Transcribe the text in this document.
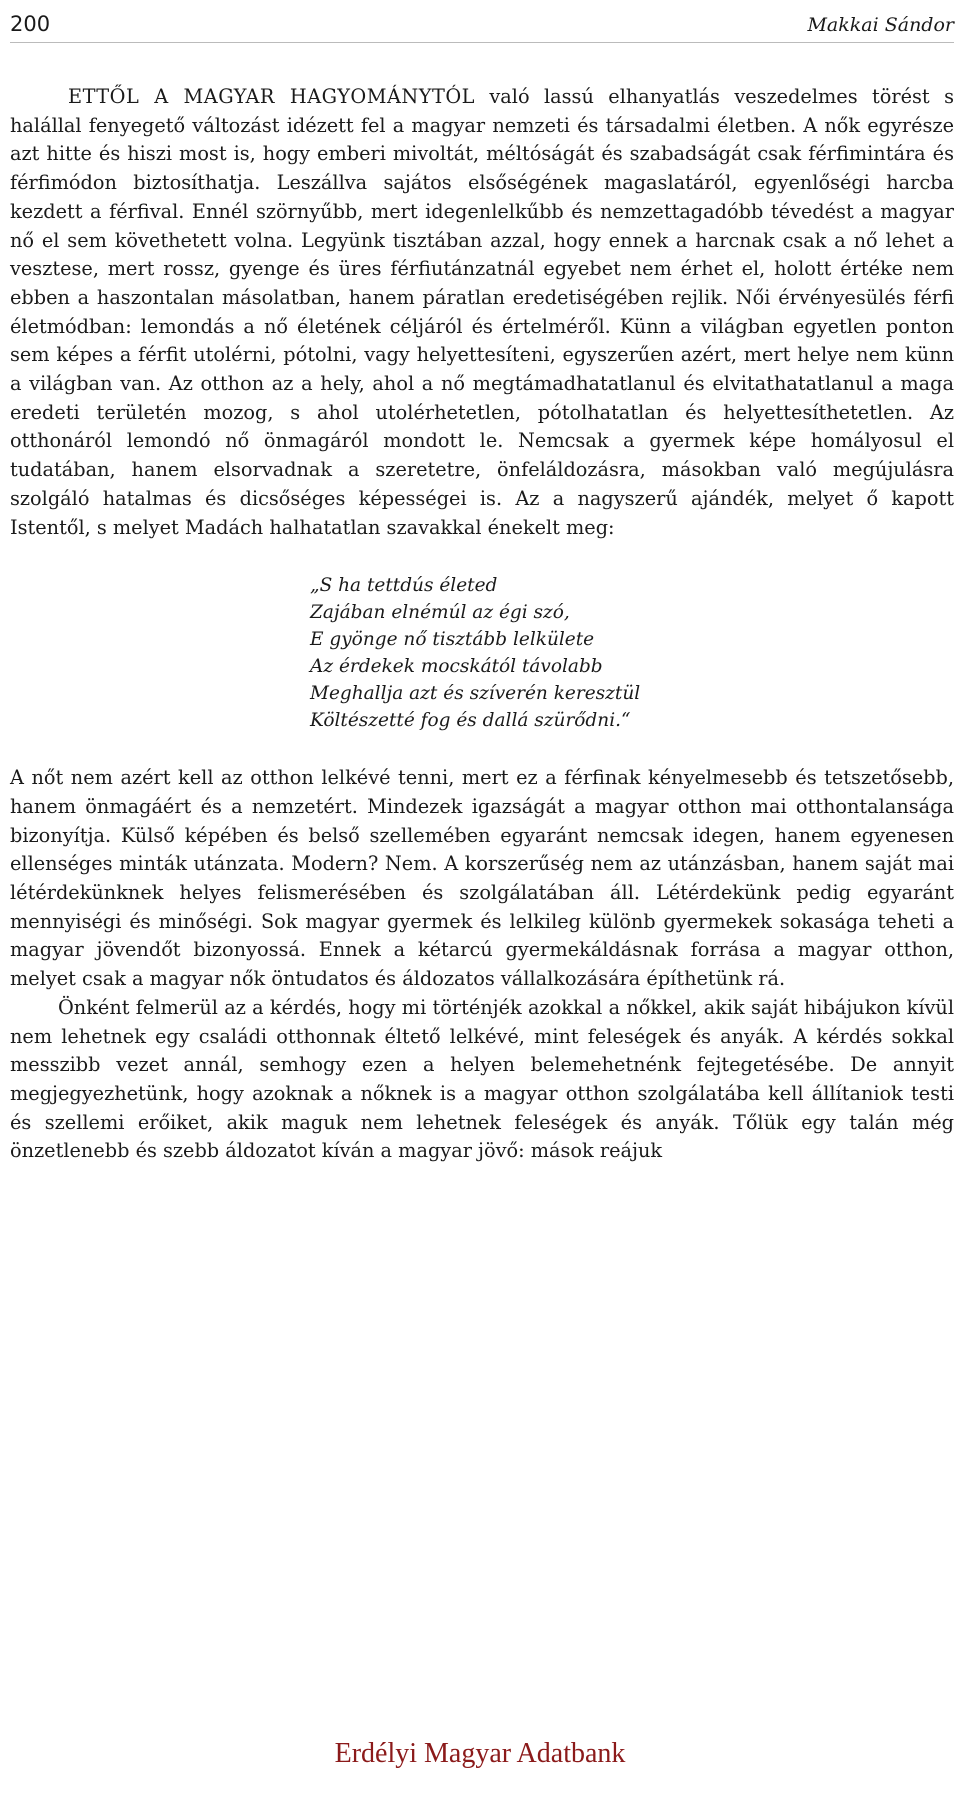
200	Makkai Sándor

ETTŐL A MAGYAR HAGYOMÁNYTÓL való lassú elhanyatlás veszedelmes törést s halállal fenyegető változást idézett fel a magyar nemzeti és társadalmi életben. A nők egyrésze azt hitte és hiszi most is, hogy emberi mivoltát, méltóságát és szabadságát csak férfimintára és férfimódon biztosíthatja. Leszállva sajátos elsőségének magaslatáról, egyenlőségi harcba kezdett a férfival. Ennél szörnyűbb, mert idegenlelkűbb és nemzettagadóbb tévedést a magyar nő el sem követhetett volna. Legyünk tisztában azzal, hogy ennek a harcnak csak a nő lehet a vesztese, mert rossz, gyenge és üres férfiutánzatnál egyebet nem érhet el, holott értéke nem ebben a haszontalan másolatban, hanem páratlan eredetiségében rejlik. Női érvényesülés férfi életmódban: lemondás a nő életének céljáról és értelméről. Künn a világban egyetlen ponton sem képes a férfit utolérni, pótolni, vagy helyettesíteni, egyszerűen azért, mert helye nem künn a világban van. Az otthon az a hely, ahol a nő megtámadhatatlanul és elvitathatatlanul a maga eredeti területén mozog, s ahol utolérhetetlen, pótolhatatlan és helyettesíthetetlen. Az otthonáról lemondó nő önmagáról mondott le. Nemcsak a gyermek képe homályosul el tudatában, hanem elsorvadnak a szeretetre, önfeláldozásra, másokban való megújulásra szolgáló hatalmas és dicsőséges képességei is. Az a nagyszerű ajándék, melyet ő kapott Istentől, s melyet Madách halhatatlan szavakkal énekelt meg:

„S ha tettdús életed
Zajában elnémúl az égi szó,
E gyönge nő tisztább lelkülete
Az érdekek mocskától távolabb
Meghallja azt és szíverén keresztül
Költészetté fog és dallá szürődni.“

A nőt nem azért kell az otthon lelkévé tenni, mert ez a férfinak kényelmesebb és tetszetősebb, hanem önmagáért és a nemzetért. Mindezek igazságát a magyar otthon mai otthontalansága bizonyítja. Külső képében és belső szellemében egyaránt nemcsak idegen, hanem egyenesen ellenséges minták utánzata. Modern? Nem. A korszerűség nem az utánzásban, hanem saját mai létérdekünknek helyes felismerésében és szolgálatában áll. Létérdekünk pedig egyaránt mennyiségi és minőségi. Sok magyar gyermek és lelkileg különb gyermekek sokasága teheti a magyar jövendőt bizonyossá. Ennek a kétarcú gyermekáldásnak forrása a magyar otthon, melyet csak a magyar nők öntudatos és áldozatos vállalkozására építhetünk rá.

Önként felmerül az a kérdés, hogy mi történjék azokkal a nőkkel, akik saját hibájukon kívül nem lehetnek egy családi otthonnak éltető lelkévé, mint feleségek és anyák. A kérdés sokkal messzibb vezet annál, semhogy ezen a helyen belemehetnénk fejtegetésébe. De annyit megjegyezhetünk, hogy azoknak a nőknek is a magyar otthon szolgálatába kell állítaniok testi és szellemi erőiket, akik maguk nem lehetnek feleségek és anyák. Tőlük egy talán még önzetlenebb és szebb áldozatot kíván a magyar jövő: mások reájuk

Erdélyi Magyar Adatbank
